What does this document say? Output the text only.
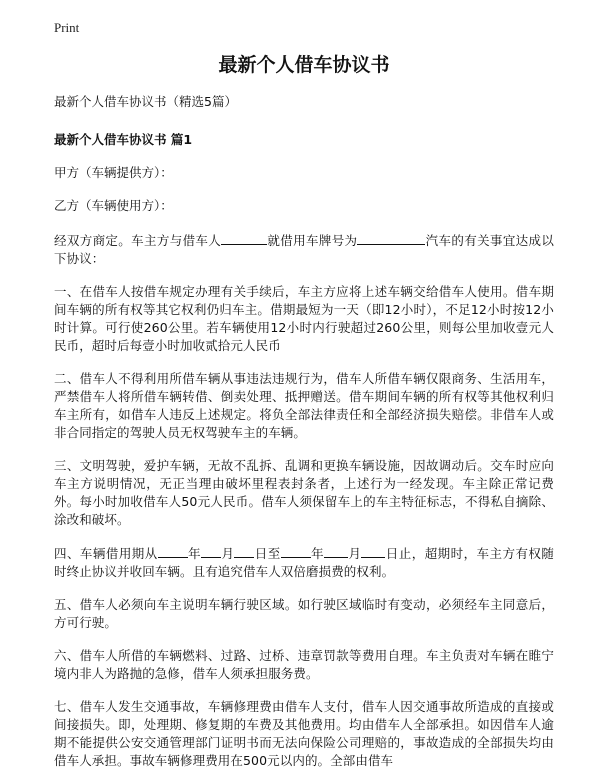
Print
最新个人借车协议书
最新个人借车协议书（精选5篇）
最新个人借车协议书 篇1
甲方（车辆提供方）：
乙方（车辆使用方）：
经双方商定。车主方与借车人	就借用车牌号为	汽车的有关事宜达成以下协议：
一、在借车人按借车规定办理有关手续后，车主方应将上述车辆交给借车人使用。借车期间车辆的所有权等其它权利仍归车主。借期最短为一天（即12小时），不足12小时按12小时计算。可行使260公里。若车辆使用12小时内行驶超过260公里，则每公里加收壹元人民币，超时后每壹小时加收贰拾元人民币
二、借车人不得利用所借车辆从事违法违规行为，借车人所借车辆仅限商务、生活用车，严禁借车人将所借车辆转借、倒卖处理、抵押赠送。借车期间车辆的所有权等其他权利归车主所有，如借车人违反上述规定。将负全部法律责任和全部经济损失赔偿。非借车人或非合同指定的驾驶人员无权驾驶车主的车辆。
三、文明驾驶，爱护车辆，无故不乱拆、乱调和更换车辆设施，因故调动后。交车时应向车主方说明情况，无正当理由破坏里程表封条者，上述行为一经发现。车主除正常记费外。每小时加收借车人50元人民币。借车人须保留车上的车主特征标志，不得私自摘除、涂改和破坏。
四、车辆借用期从 年 月 日至 年 月 日止，超期时，车主方有权随时终止协议并收回车辆。且有追究借车人双倍磨损费的权利。
五、借车人必须向车主说明车辆行驶区域。如行驶区域临时有变动，必须经车主同意后，方可行驶。
六、借车人所借的车辆燃料、过路、过桥、违章罚款等费用自理。车主负责对车辆在睢宁境内非人为路抛的急修，借车人须承担服务费。
七、借车人发生交通事故，车辆修理费由借车人支付，借车人因交通事故所造成的直接或间接损失。即，处理期、修复期的车费及其他费用。均由借车人全部承担。如因借车人逾期不能提供公安交通管理部门证明书而无法向保险公司理赔的，事故造成的全部损失均由借车人承担。事故车辆修理费用在500元以内的。全部由借车
